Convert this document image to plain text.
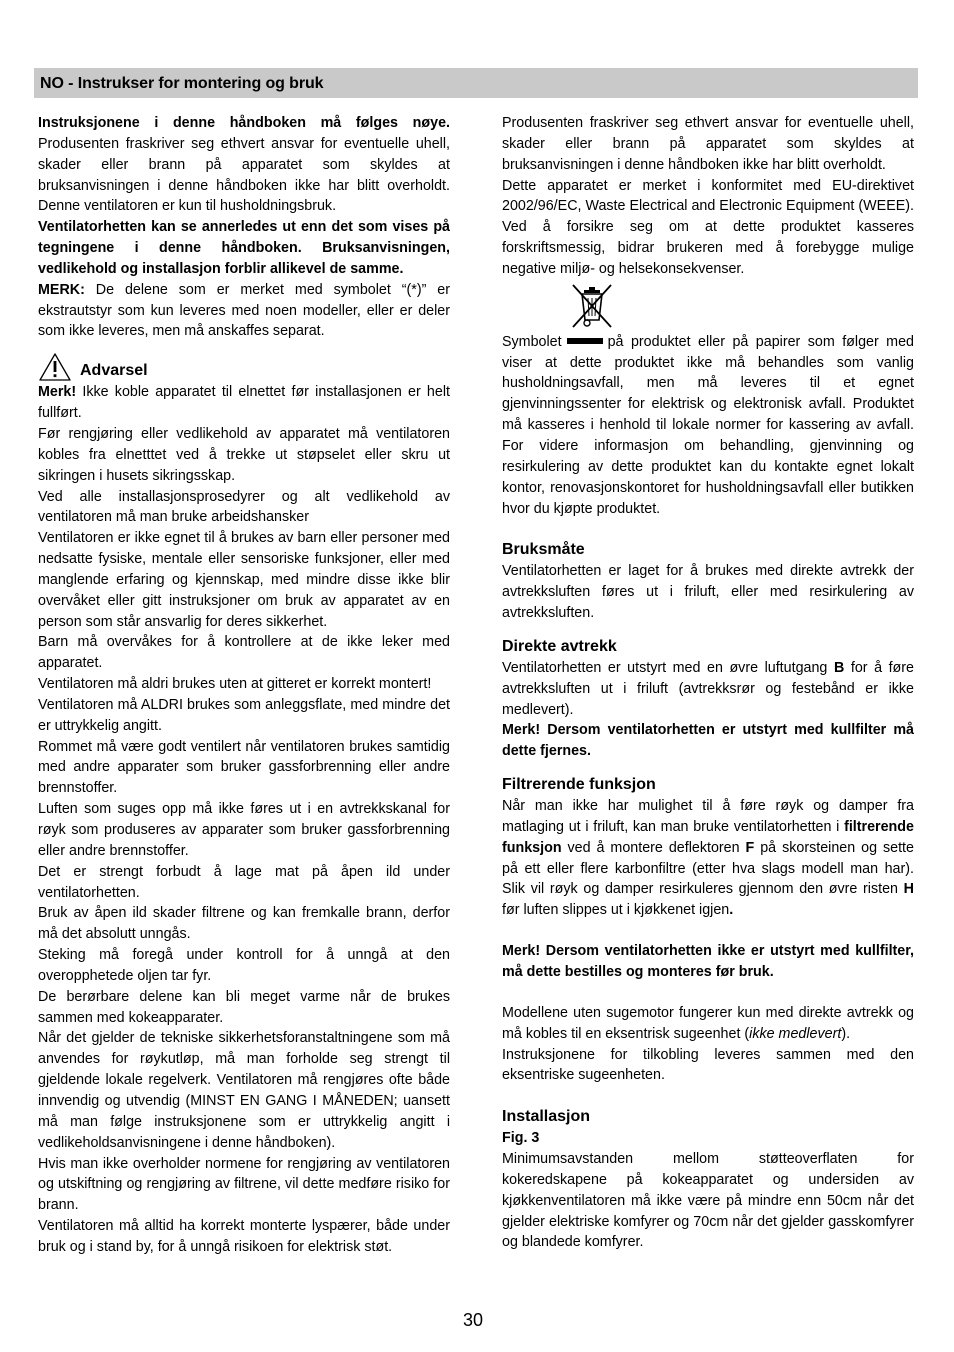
NO - Instrukser for montering og bruk

Instruksjonene i denne håndboken må følges nøye. Produsenten fraskriver seg ethvert ansvar for eventuelle uhell, skader eller brann på apparatet som skyldes at bruksanvisningen i denne håndboken ikke har blitt overholdt. Denne ventilatoren er kun til husholdningsbruk.

Ventilatorhetten kan se annerledes ut enn det som vises på tegningene i denne håndboken. Bruksanvisningen, vedlikehold og installasjon forblir allikevel de samme.

MERK: De delene som er merket med symbolet “(*)” er ekstrautstyr som kun leveres med noen modeller, eller er deler som ikke leveres, men må anskaffes separat.

Advarsel

Merk! Ikke koble apparatet til elnettet før installasjonen er helt fullført.

Før rengjøring eller vedlikehold av apparatet må ventilatoren kobles fra elnetttet ved å trekke ut støpselet eller skru ut sikringen i husets sikringsskap.

Ved alle installasjonsprosedyrer og alt vedlikehold av ventilatoren må man bruke arbeidshansker

Ventilatoren er ikke egnet til å brukes av barn eller personer med nedsatte fysiske, mentale eller sensoriske funksjoner, eller med manglende erfaring og kjennskap, med mindre disse ikke blir overvåket eller gitt instruksjoner om bruk av apparatet av en person som står ansvarlig for deres sikkerhet.

Barn må overvåkes for å kontrollere at de ikke leker med apparatet.

Ventilatoren må aldri brukes uten at gitteret er korrekt montert!

Ventilatoren må ALDRI brukes som anleggsflate, med mindre det er uttrykkelig angitt.

Rommet må være godt ventilert når ventilatoren brukes samtidig med andre apparater som bruker gassforbrenning eller andre brennstoffer.

Luften som suges opp må ikke føres ut i en avtrekkskanal for røyk som produseres av apparater som bruker gassforbrenning eller andre brennstoffer.

Det er strengt forbudt å lage mat på åpen ild under ventilatorhetten.

Bruk av åpen ild skader filtrene og kan fremkalle brann, derfor må det absolutt unngås.

Steking må foregå under kontroll for å unngå at den overopphetede oljen tar fyr.

De berørbare delene kan bli meget varme når de brukes sammen med kokeapparater.

Når det gjelder de tekniske sikkerhetsforanstaltningene som må anvendes for røykutløp, må man forholde seg strengt til gjeldende lokale regelverk. Ventilatoren må rengjøres ofte både innvendig og utvendig (MINST EN GANG I MÅNEDEN; uansett må man følge instruksjonene som er uttrykkelig angitt i vedlikeholdsanvisningene i denne håndboken).

Hvis man ikke overholder normene for rengjøring av ventilatoren og utskiftning og rengjøring av filtrene, vil dette medføre risiko for brann.

Ventilatoren må alltid ha korrekt monterte lyspærer, både under bruk og i stand by, for å unngå risikoen for elektrisk støt.

Produsenten fraskriver seg ethvert ansvar for eventuelle uhell, skader eller brann på apparatet som skyldes at bruksanvisningen i denne håndboken ikke har blitt overholdt.

Dette apparatet er merket i konformitet med EU-direktivet 2002/96/EC, Waste Electrical and Electronic Equipment (WEEE). Ved å forsikre seg om at dette produktet kasseres forskriftsmessig, bidrar brukeren med å forebygge mulige negative miljø- og helsekonsekvenser.

Symbolet	på produktet eller på papirer som følger med viser at dette produktet ikke må behandles som vanlig husholdningsavfall, men må leveres til et egnet gjenvinningssenter for elektrisk og elektronisk avfall. Produktet må kasseres i henhold til lokale normer for kassering av avfall. For videre informasjon om behandling, gjenvinning og resirkulering av dette produktet kan du kontakte egnet lokalt kontor, renovasjonskontoret for husholdningsavfall eller butikken hvor du kjøpte produktet.

Bruksmåte

Ventilatorhetten er laget for å brukes med direkte avtrekk der avtrekksluften føres ut i friluft, eller med resirkulering av avtrekksluften.

Direkte avtrekk

Ventilatorhetten er utstyrt med en øvre luftutgang B for å føre avtrekksluften ut i friluft (avtrekksrør og festebånd er ikke medlevert).

Merk! Dersom ventilatorhetten er utstyrt med kullfilter må dette fjernes.

Filtrerende funksjon

Når man ikke har mulighet til å føre røyk og damper fra matlaging ut i friluft, kan man bruke ventilatorhetten i filtrerende funksjon ved å montere deflektoren F på skorsteinen og sette på ett eller flere karbonfiltre (etter hva slags modell man har). Slik vil røyk og damper resirkuleres gjennom den øvre risten H før luften slippes ut i kjøkkenet igjen.

Merk! Dersom ventilatorhetten ikke er utstyrt med kullfilter, må dette bestilles og monteres før bruk.

Modellene uten sugemotor fungerer kun med direkte avtrekk og må kobles til en eksentrisk sugeenhet (ikke medlevert).

Instruksjonene for tilkobling leveres sammen med den eksentriske sugeenheten.

Installasjon

Fig. 3

Minimumsavstanden mellom støtteoverflaten for kokeredskapene på kokeapparatet og undersiden av kjøkkenventilatoren må ikke være på mindre enn 50cm når det gjelder elektriske komfyrer og 70cm når det gjelder gasskomfyrer og blandede komfyrer.

30
